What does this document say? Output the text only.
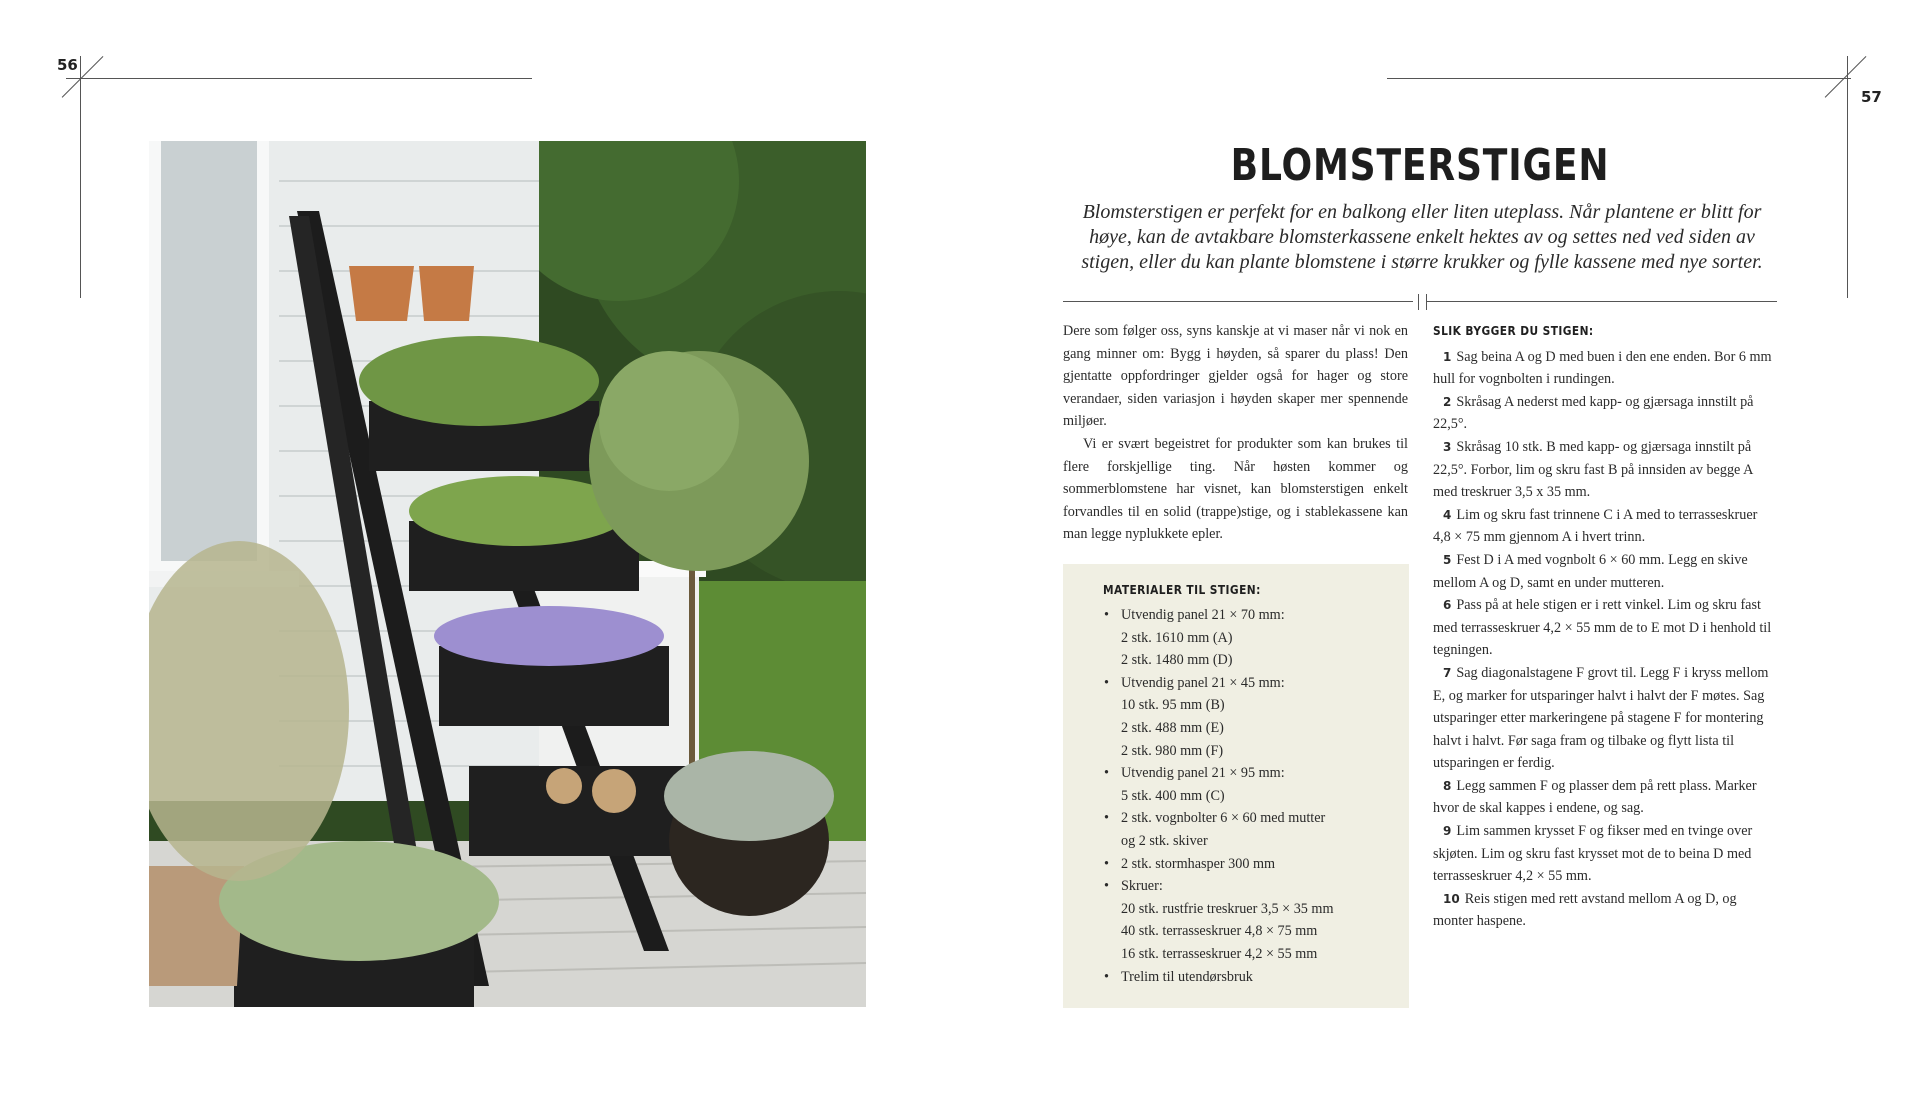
56
57
BLOMSTERSTIGEN
Blomsterstigen er perfekt for en balkong eller liten uteplass. Når plantene er blitt for høye, kan de avtakbare blomsterkassene enkelt hektes av og settes ned ved siden av stigen, eller du kan plante blomstene i større krukker og fylle kassene med nye sorter.

Dere som følger oss, syns kanskje at vi maser når vi nok en gang minner om: Bygg i høyden, så sparer du plass! Den gjentatte oppfordringer gjelder også for hager og store verandaer, siden variasjon i høyden skaper mer spennende miljøer.

Vi er svært begeistret for produkter som kan brukes til flere forskjellige ting. Når høsten kommer og sommerblomstene har visnet, kan blomsterstigen enkelt forvandles til en solid (trappe)stige, og i stablekassene kan man legge nyplukkete epler.

MATERIALER TIL STIGEN:
• Utvendig panel 21 × 70 mm:
2 stk. 1610 mm (A)
2 stk. 1480 mm (D)
• Utvendig panel 21 × 45 mm:
10 stk. 95 mm (B)
2 stk. 488 mm (E)
2 stk. 980 mm (F)
• Utvendig panel 21 × 95 mm:
5 stk. 400 mm (C)
• 2 stk. vognbolter 6 × 60 med mutter
og 2 stk. skiver
• 2 stk. stormhasper 300 mm
• Skruer:
20 stk. rustfrie treskruer 3,5 × 35 mm
40 stk. terrasseskruer 4,8 × 75 mm
16 stk. terrasseskruer 4,2 × 55 mm
• Trelim til utendørsbruk
SLIK BYGGER DU STIGEN:

1 Sag beina A og D med buen i den ene enden. Bor 6 mm hull for vognbolten i rundingen.

2 Skråsag A nederst med kapp- og gjærsaga innstilt på 22,5°.

3 Skråsag 10 stk. B med kapp- og gjærsaga innstilt på 22,5°. Forbor, lim og skru fast B på innsiden av begge A med treskruer 3,5 x 35 mm.

4 Lim og skru fast trinnene C i A med to terrasseskruer 4,8 × 75 mm gjennom A i hvert trinn.

5 Fest D i A med vognbolt 6 × 60 mm. Legg en skive mellom A og D, samt en under mutteren.

6 Pass på at hele stigen er i rett vinkel. Lim og skru fast med terrasseskruer 4,2 × 55 mm de to E mot D i henhold til tegningen.

7 Sag diagonalstagene F grovt til. Legg F i kryss mellom E, og marker for utsparinger halvt i halvt der F møtes. Sag utsparinger etter markeringene på stagene F for montering halvt i halvt. Før saga fram og tilbake og flytt lista til utsparingen er ferdig.

8 Legg sammen F og plasser dem på rett plass. Marker hvor de skal kappes i endene, og sag.

9 Lim sammen krysset F og fikser med en tvinge over skjøten. Lim og skru fast krysset mot de to beina D med terrasseskruer 4,2 × 55 mm.

10 Reis stigen med rett avstand mellom A og D, og monter haspene.
